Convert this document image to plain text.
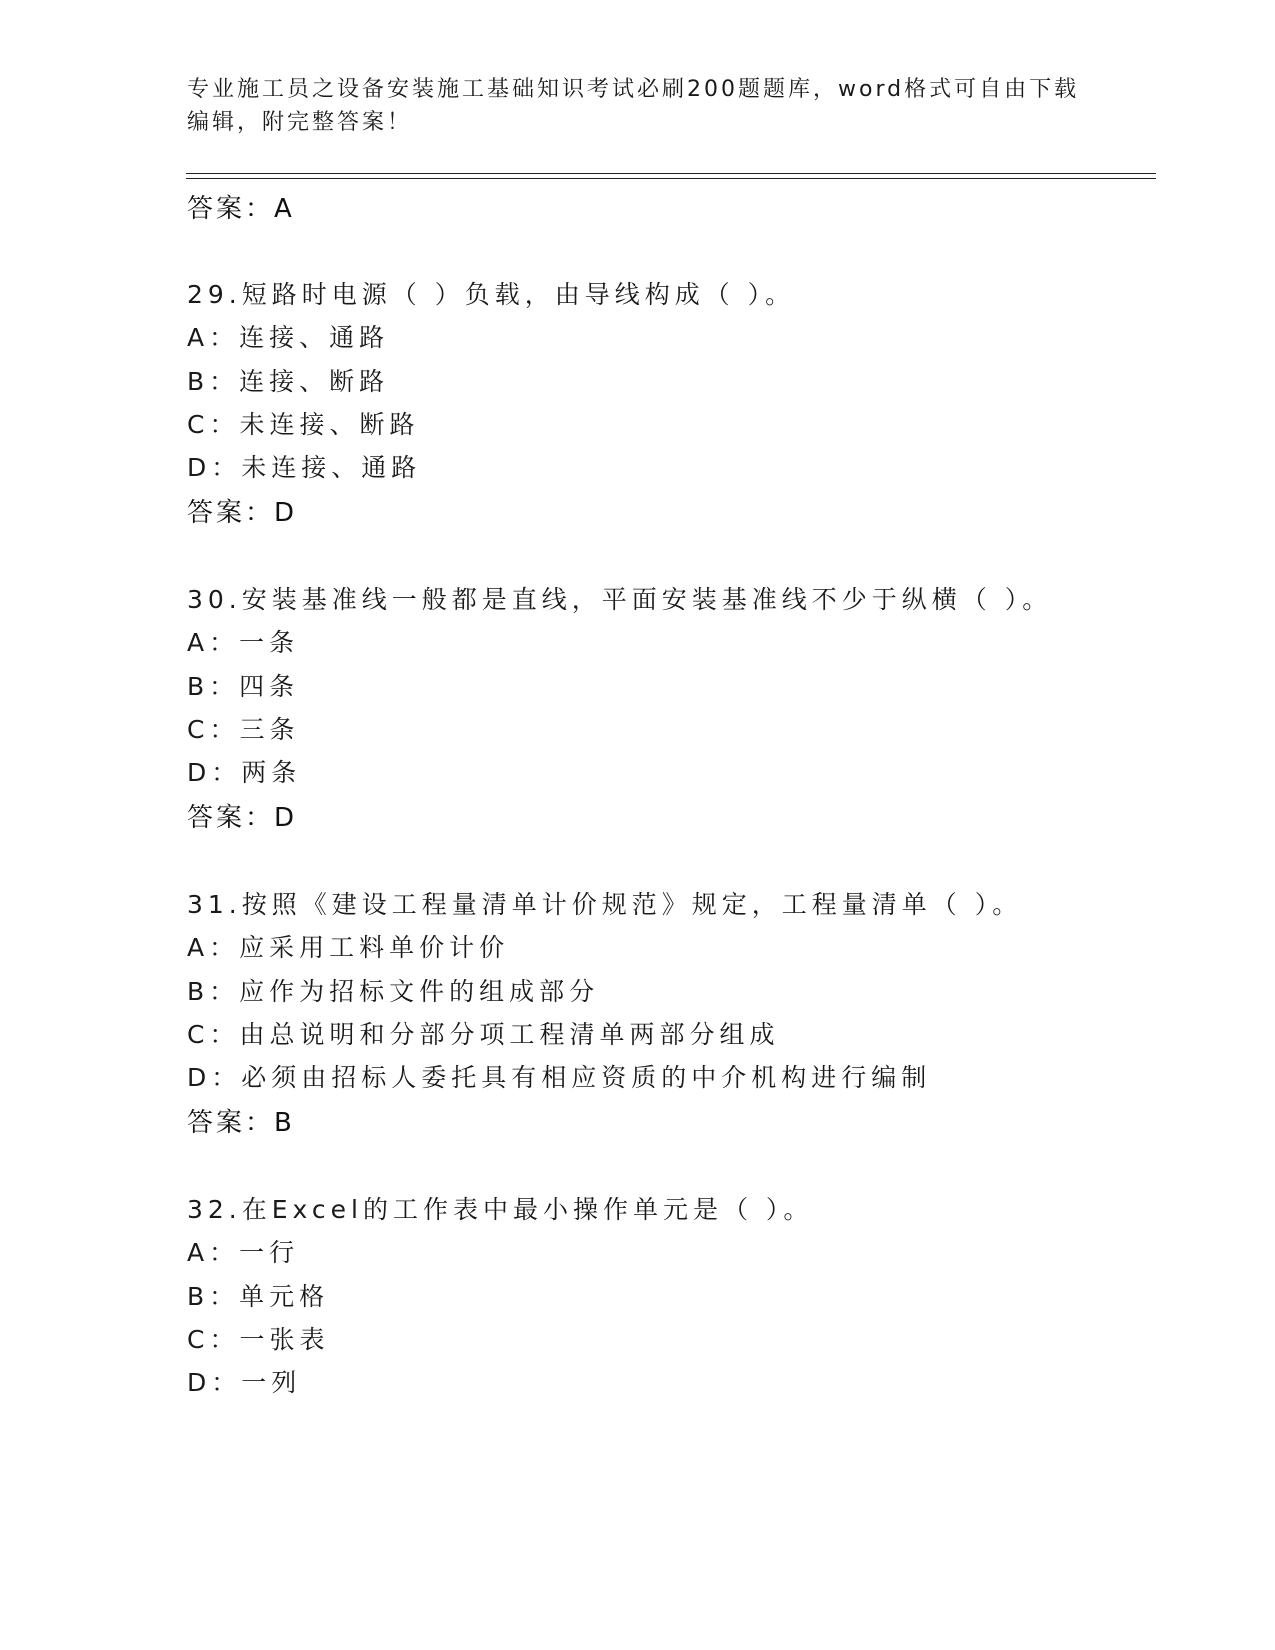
专业施工员之设备安装施工基础知识考试必刷200题题库，word格式可自由下载
编辑，附完整答案！
答案：A
29.短路时电源（ ）负载，由导线构成（ ）。
A：连接、通路
B：连接、断路
C：未连接、断路
D：未连接、通路
答案：D
30.安装基准线一般都是直线，平面安装基准线不少于纵横（ ）。
A：一条
B：四条
C：三条
D：两条
答案：D
31.按照《建设工程量清单计价规范》规定，工程量清单（ ）。
A：应采用工料单价计价
B：应作为招标文件的组成部分
C：由总说明和分部分项工程清单两部分组成
D：必须由招标人委托具有相应资质的中介机构进行编制
答案：B
32.在Excel的工作表中最小操作单元是（ ）。
A：一行
B：单元格
C：一张表
D：一列
